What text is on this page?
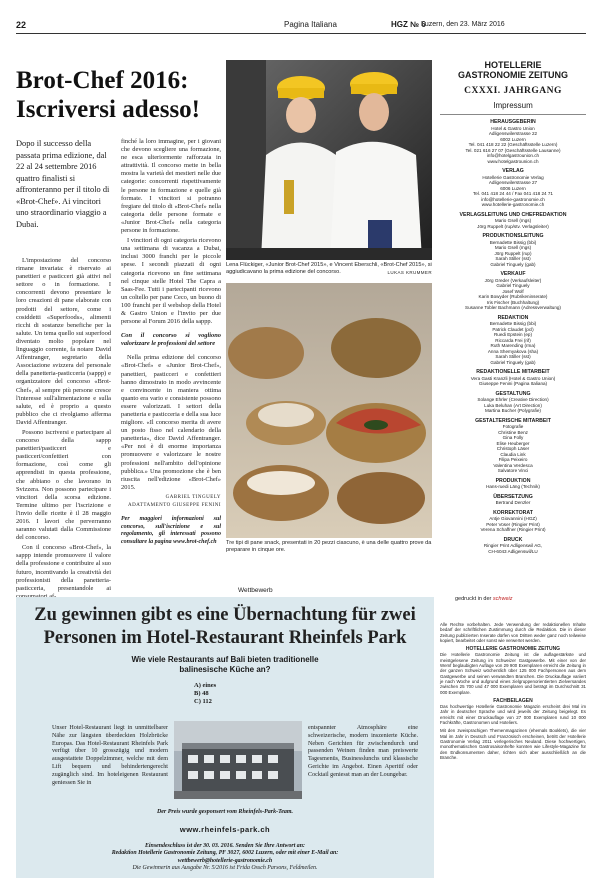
22	Pagina Italiana	HGZ № 6
Luzern, den 23. März 2016
Brot-Chef 2016:
Iscriversi adesso!
Dopo il successo della passata prima edizione, dal 22 al 24 settembre 2016 quattro finalisti si affronteranno per il titolo di «Brot-Chef». Ai vincitori uno straordinario viaggio a Dubai.

L'impostazione del concorso rimane invariata: è riservato ai panettieri e pasticceri già attivi nel settore o in formazione. I concorrenti devono presentare le loro creazioni di pane elaborate con prodotti del settore, come i cosiddetti «Superfoods», alimenti ricchi di sostanze benefiche per la salute. Un tema quello sui superfood diventato molto popolare nel linguaggio corrente, fa notare David Affentranger, segretario della Associazione svizzera del personale della panetteria-pasticceria (sappp) e organizzatore del concorso «Brot-Chef», al sempre più persone cresce l'interesse sull'alimentazione e sulla salute, ed è proprio a questo pubblico che ci rivolgiamo afferma David Affentranger.

Possono iscriversi e partecipare al concorso della sappp panettieri/pasticceri e pasticceri/confettieri con formazione, così come gli apprendisti in questa professione, che abbiano o che lavorano in Svizzera. Non possono partecipare i vincitori della scorsa edizione. Termine ultimo per l'iscrizione e l'invio delle ricette è il 28 maggio 2016. I lavori che perverranno saranno valutati dalla Commissione del concorso.

Con il concorso «Brot-Chef», la sappp intende promuovere il valore della professione e contribuire al suo futuro, incentivando la creatività dei professionisti della panetteria-pasticceria, presentandole ai

finché la loro immagine, per i giovani che devono scegliere una formazione, ne esca ulteriormente rafforzata in attrattività. Il concorso mette in bella mostra la varietà dei mestieri nelle due categorie: concorrenti rispettivamente le persone in formazione e quelle già formate. I vincitori si potranno fregiare del titolo di «Brot-Chef» nella categoria delle persone formate e «Junior Brot-Chef» nella categoria persone in formazione.

I vincitori di ogni categoria ricevono una settimana di vacanza a Dubai, inclusi 3000 franchi per le piccole spese. I secondi piazzati di ogni categoria ricevono un fine settimana nel cinque stelle Hotel The Capra a Saas-Fee. Tutti i partecipanti ricevono un coltello per pane Ceco, un buono di 100 franchi per il webshop della Hotel & Gastro Union e l'invito per due persone al Forum 2016 della sappp.

Con il concorso si vogliono valorizzare le professioni del settore

Nella prima edizione del concorso «Brot-Chef» e «Junior Brot-Chef», panettieri, pasticceri e confettieri hanno dimostrato in modo avvincente e convincente in maniera ottima quanto era vario e consistente possono essere valorizzati. I settori della panetteria e pasticceria e della sua luce migliore. «Il concorso merita di avere un posto fisso nel calendario della panetteria», dice David Affentranger. «Per noi è di enorme importanza promuovere e valorizzare le nostre professioni nell'ambito dell'opinione pubblica.» Una promozione che è ben riuscita nell'edizione «Brot-Chef» 2015.

GABRIEL TINGUELY
ADATTAMENTO GIUSEPPE FENINI

Per maggiori informazioni sul concorso, sull'iscrizione e sul regolamento, gli interessati possono consultare la pagina www.brot-chef.ch

Lena Flückiger, «Junior Brot-Chef 2015», e Vincent Eberschli, «Brot-Chef 2015», si aggiudicavano la prima edizione del concorso.	LUKAS KRUMMER
Tre tipi di pane snack, presentati in 20 pezzi ciascuno, è una delle quattro prove da preparare in cinque ore.
HOTELLERIE
GASTRONOMIE ZEITUNG
CXXXI. JAHRGANG
Impressum
HERAUSGEBERIN
Hotel & Gastro Union
Adligenswilerstrasse 22
6002 Luzern
Tel. 041 418 22 22 (Geschäftsstelle Luzern)
Tel. 021 616 27 07 (Geschäftsstelle Lausanne)
info@hotelgastrounion.ch
www.hotelgastrounion.ch
VERLAG
Hotellerie Gastronomie Verlag
Adligenswilerstrasse 27
6006 Luzern
Tel. 041 418 24 44 / Fax 041 418 24 71
info@hotellerie-gastronomie.ch
www.hotellerie-gastronomie.ch
VERLAGSLEITUNG UND CHEFREDAKTION
Mario Gsell (mgs)
Jörg Ruppelt (rup/stv. Verlagsleiter)
PRODUKTIONSLEITUNG
Bernadette Bissig (bbi)
Mario Gsell (mgs)
Jörg Ruppelt (rup)
Sarah Stiller (sst)
Gabriel Tinguely (gab)
VERKAUF
Jörg Greder (Verkaufsleiter)
Gabriel Tinguely
Josef Wolf
Karin Bowyder (Rubrikeninserate)
Iris Fischer (Buchhaltung)
Susanne Tobler Bachmann (Adressverwaltung)
REDAKTION
Bernadette Bissig (bbi)
Patrick Claudet (pcl)
Ruedi Epstein (ep)
Riccarda Frei (rif)
Ruth Marending (rma)
Anna Shemyakova (sha)
Sarah Stiller (sst)
Gabriel Tinguely (gab)
REDAKTIONELLE MITARBEIT
Vera Gasti Kranzli (Hotel & Gastro Union)
Giuseppe Fenini (Pagina Italiana)
GESTALTUNG
Solange Ehrler (Creative Direction)
Luka Beluhan (Art Direction)
Martina Bucher (Polygrafie)
GESTALTERISCHE MITARBEIT
Fotografie
Christine Benz
Gina Folly
Elise Heuberger
Christoph Läser
Claudia Link
Filipa Peixeiro
Valentina Verdesca
Salvatore Vinci
PRODUKTION
Hans-ruedi Läng (Technik)
ÜBERSETZUNG
Bertrand Denzler
KORREKTORAT
Antje Giovannini (HGZ)
Peter Voser (Ringier Print)
Verena Schaffner (Ringier Print)
DRUCK
Ringier Print Adligenswil AG,
CH-6043 Adligenswil/LU
gedruckt in der schweiz
Alle Rechte vorbehalten. Jede Verwendung der redaktionellen Inhalte bedarf der schriftlichen Zustimmung durch die Redaktion. Die in dieser Zeitung publizierten Inserate dürfen von Dritten weder ganz noch teilweise kopiert, bearbeitet oder sonst wie verwertet werden.
HOTELLERIE GASTRONOMIE ZEITUNG
Die Hotellerie Gastronomie Zeitung ist die auflagestärkste und meistgelesene Zeitung im Schweizer Gastgewerbe. Mit einer von der Wemf beglaubigten Auflage von 29 900 Exemplaren erreicht die Zeitung in der ganzen Schweiz wöchentlich über 125 000 Fachpersonen aus dem Gastgewerbe und seinen verwandten Branchen. Die Druckauflage variiert je nach Woche und aufgrund eines zielgruppenorientierten Zielversandes zwischen 25 700 und 47 000 Exemplaren und beträgt im Durchschnitt 31 000 Exemplare.
FACHBEILAGEN
Das hochwertige Hotellerie Gastronomie Magazin erscheint drei Mal im Jahr in deutscher Sprache und wird jeweils der Zeitung beigelegt. Es erreicht mit einer Druckauflage von 27 000 Exemplaren rund 10 000 Fachkräfte, Gastronomen und Hoteliers.
Mit den zweisprachigen Themenmagazinen (ehemals Booklets), die vier Mal im Jahr in Deutsch und Französisch erscheinen, betritt der Hotellerie Gastronomie Verlag 2011 verlegerisches Neuland. Diese hochwertigen, monothematischen Gastrosaisonhefte konnten wie Lifestyle-Magazine für den Endkonsumenten daher, richten sich aber ausschließlich an die Branche.
Wettbewerb
Zu gewinnen gibt es eine Übernachtung für zwei
Personen im Hotel-Restaurant Rheinfels Park
Wie viele Restaurants auf Bali bieten traditionelle
balinesische Küche an?
A) eines
B) 48
C) 112
Unser Hotel-Restaurant liegt in unmittelbarer Nähe zur längsten überdeckten Holzbrücke Europas. Das Hotel-Restaurant Rheinfels Park verfügt über 10 grosszügig und modern ausgestattete Doppelzimmer, welche mit dem Lift bequem und behindertengerecht zugänglich sind. Im hoteleigenen Restaurant geniessen Sie in
entspannter Atmosphäre eine schweizerische, modern inszenierte Küche. Neben Gerichten für zwischendurch und passenden Weinen finden man preiswerte Tagesmenüs, Businesslunchs und klassische Gerichte im Angebot. Einen Aperitif oder Cocktail geniesst man an der Loungebar.
Der Preis wurde gesponsert vom Rheinfels-Park-Team.
www.rheinfels-park.ch
Einsendeschluss ist der 30. 03. 2016. Senden Sie Ihre Antwort an:
Redaktion Hotellerie Gastronomie Zeitung, PF 3027, 6002 Luzern, oder mit einer E-Mail an:
wettbewerb@hotellerie-gastronomie.ch
Die Gewinnerin aus Ausgabe Nr. 5/2016 ist Frida Ossch Parsons, Feldmeilen.
